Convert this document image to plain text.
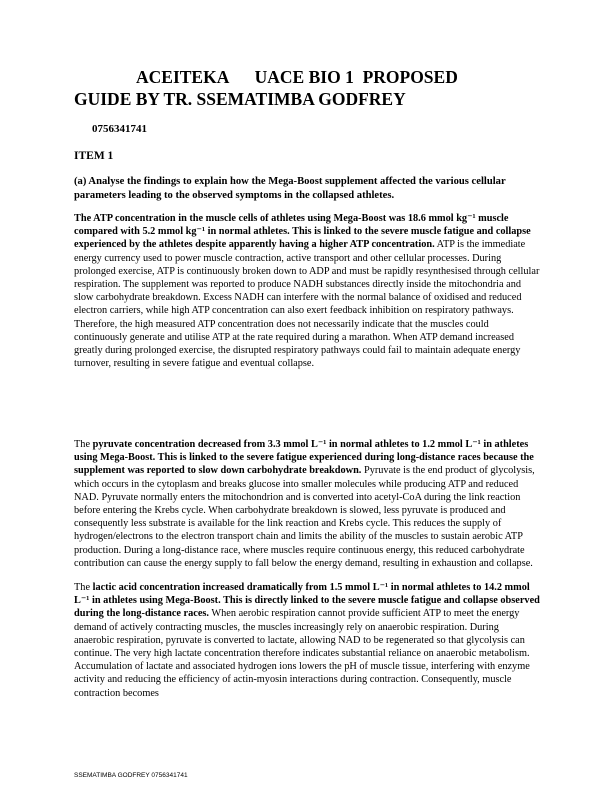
ACEITEKA      UACE BIO 1  PROPOSED
GUIDE BY TR. SSEMATIMBA GODFREY
0756341741
ITEM 1
(a) Analyse the findings to explain how the Mega-Boost supplement affected the various cellular parameters leading to the observed symptoms in the collapsed athletes.
The ATP concentration in the muscle cells of athletes using Mega-Boost was 18.6 mmol kg⁻¹ muscle compared with 5.2 mmol kg⁻¹ in normal athletes. This is linked to the severe muscle fatigue and collapse experienced by the athletes despite apparently having a higher ATP concentration. ATP is the immediate energy currency used to power muscle contraction, active transport and other cellular processes. During prolonged exercise, ATP is continuously broken down to ADP and must be rapidly resynthesised through cellular respiration. The supplement was reported to produce NADH substances directly inside the mitochondria and slow carbohydrate breakdown. Excess NADH can interfere with the normal balance of oxidised and reduced electron carriers, while high ATP concentration can also exert feedback inhibition on respiratory pathways. Therefore, the high measured ATP concentration does not necessarily indicate that the muscles could continuously generate and utilise ATP at the rate required during a marathon. When ATP demand increased greatly during prolonged exercise, the disrupted respiratory pathways could fail to maintain adequate energy turnover, resulting in severe fatigue and eventual collapse.
The pyruvate concentration decreased from 3.3 mmol L⁻¹ in normal athletes to 1.2 mmol L⁻¹ in athletes using Mega-Boost. This is linked to the severe fatigue experienced during long-distance races because the supplement was reported to slow down carbohydrate breakdown. Pyruvate is the end product of glycolysis, which occurs in the cytoplasm and breaks glucose into smaller molecules while producing ATP and reduced NAD. Pyruvate normally enters the mitochondrion and is converted into acetyl-CoA during the link reaction before entering the Krebs cycle. When carbohydrate breakdown is slowed, less pyruvate is produced and consequently less substrate is available for the link reaction and Krebs cycle. This reduces the supply of hydrogen/electrons to the electron transport chain and limits the ability of the muscles to sustain aerobic ATP production. During a long-distance race, where muscles require continuous energy, this reduced carbohydrate contribution can cause the energy supply to fall below the energy demand, resulting in exhaustion and collapse.
The lactic acid concentration increased dramatically from 1.5 mmol L⁻¹ in normal athletes to 14.2 mmol L⁻¹ in athletes using Mega-Boost. This is directly linked to the severe muscle fatigue and collapse observed during the long-distance races. When aerobic respiration cannot provide sufficient ATP to meet the energy demand of actively contracting muscles, the muscles increasingly rely on anaerobic respiration. During anaerobic respiration, pyruvate is converted to lactate, allowing NAD to be regenerated so that glycolysis can continue. The very high lactate concentration therefore indicates substantial reliance on anaerobic metabolism. Accumulation of lactate and associated hydrogen ions lowers the pH of muscle tissue, interfering with enzyme activity and reducing the efficiency of actin-myosin interactions during contraction. Consequently, muscle contraction becomes
SSEMATIMBA GODFREY 0756341741
